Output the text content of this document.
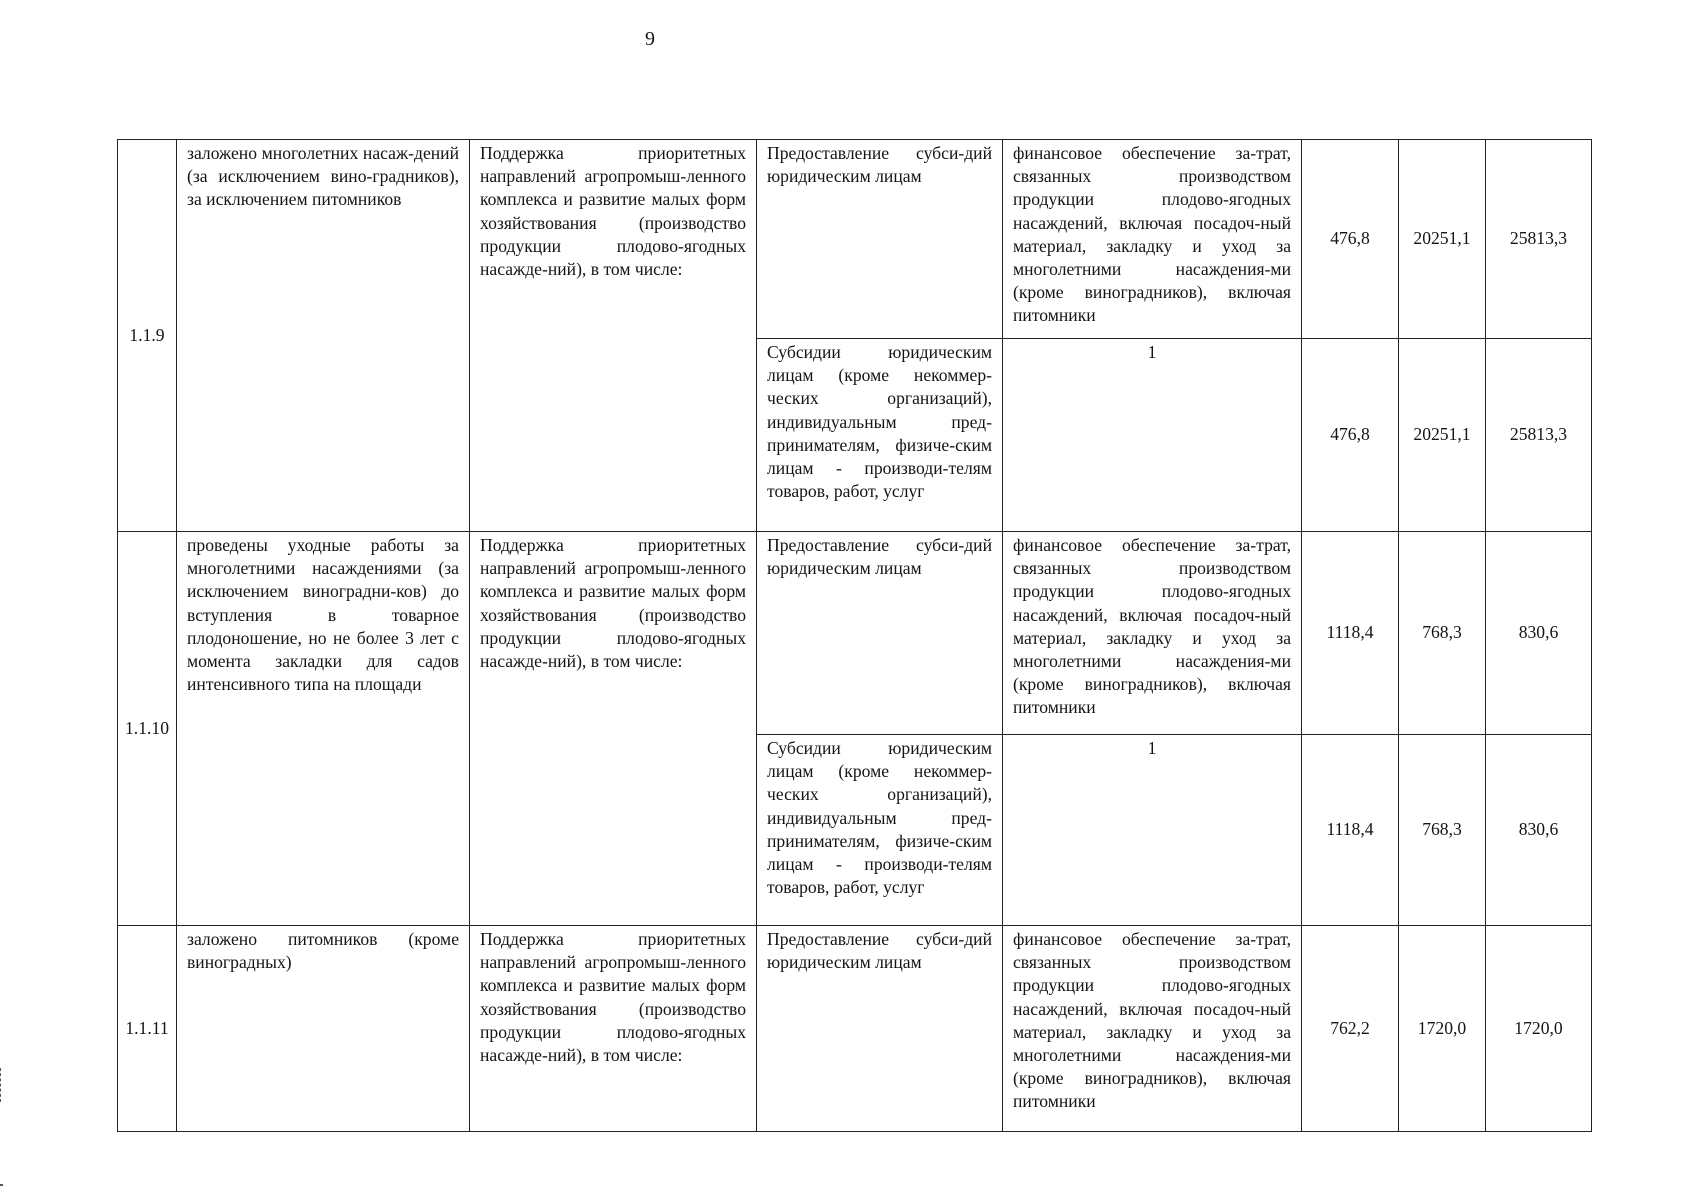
9
1.1.9	заложено многолетних насаж-дений (за исключением вино-градников), за исключением питомников	Поддержка приоритетных направлений агропромыш-ленного комплекса и развитие малых форм хозяйствования (производство продукции плодово-ягодных насажде-ний), в том числе:	Предоставление субси-дий юридическим лицам	финансовое обеспечение за-трат, связанных производством продукции плодово-ягодных насаждений, включая посадоч-ный материал, закладку и уход за многолетними насаждения-ми (кроме виноградников), включая питомники	476,8	20251,1	25813,3
			Субсидии юридическим лицам (кроме некоммер-ческих организаций), индивидуальным пред-принимателям, физиче-ским лицам - производи-телям товаров, работ, услуг	1	476,8	20251,1	25813,3
1.1.10	проведены уходные работы за многолетними насаждениями (за исключением виноградни-ков) до вступления в товарное плодоношение, но не более 3 лет с момента закладки для садов интенсивного типа на площади	Поддержка приоритетных направлений агропромыш-ленного комплекса и развитие малых форм хозяйствования (производство продукции плодово-ягодных насажде-ний), в том числе:	Предоставление субси-дий юридическим лицам	финансовое обеспечение за-трат, связанных производством продукции плодово-ягодных насаждений, включая посадоч-ный материал, закладку и уход за многолетними насаждения-ми (кроме виноградников), включая питомники	1118,4	768,3	830,6
			Субсидии юридическим лицам (кроме некоммер-ческих организаций), индивидуальным пред-принимателям, физиче-ским лицам - производи-телям товаров, работ, услуг	1	1118,4	768,3	830,6
1.1.11	заложено питомников (кроме виноградных)	Поддержка приоритетных направлений агропромыш-ленного комплекса и развитие малых форм хозяйствования (производство продукции плодово-ягодных насажде-ний), в том числе:	Предоставление субси-дий юридическим лицам	финансовое обеспечение за-трат, связанных производством продукции плодово-ягодных насаждений, включая посадоч-ный материал, закладку и уход за многолетними насаждения-ми (кроме виноградников), включая питомники	762,2	1720,0	1720,0
